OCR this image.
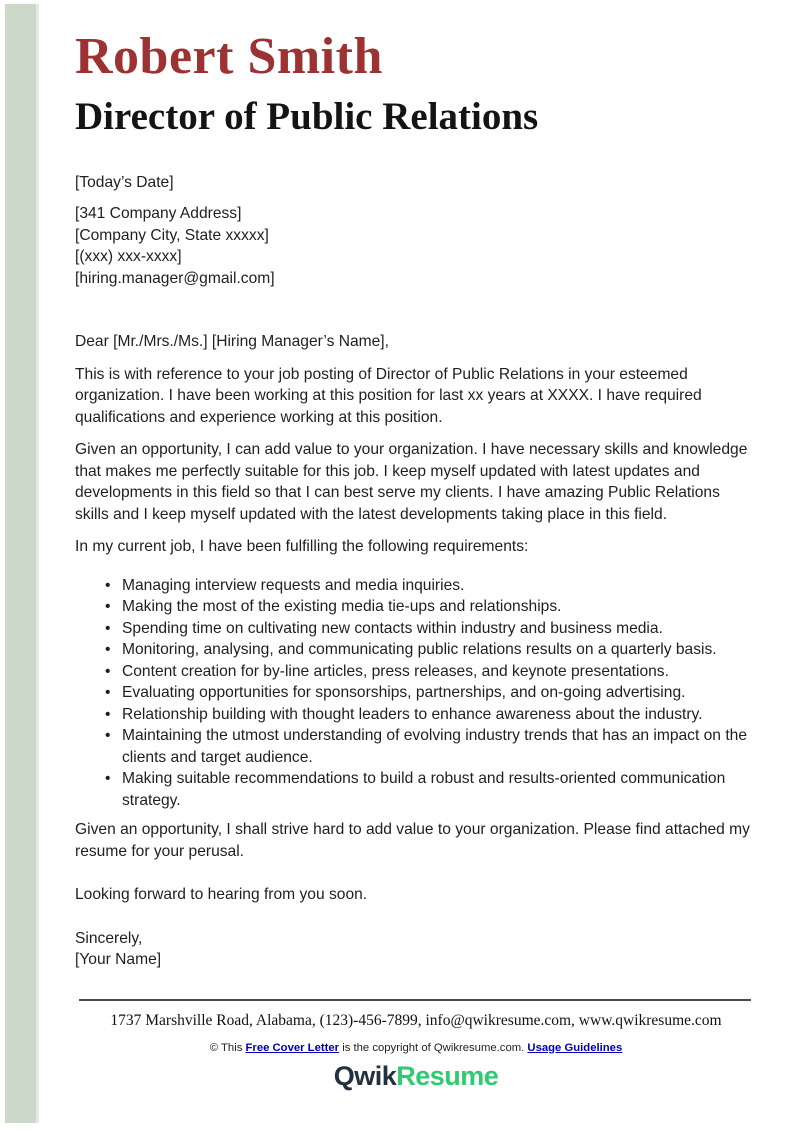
Robert Smith
Director of Public Relations

[Today’s Date]

[341 Company Address]

[Company City, State xxxxx]

[(xxx) xxx-xxxx]

[hiring.manager@gmail.com]

Dear [Mr./Mrs./Ms.] [Hiring Manager’s Name],

This is with reference to your job posting of Director of Public Relations in your esteemed organization. I have been working at this position for last xx years at XXXX. I have required qualifications and experience working at this position.

Given an opportunity, I can add value to your organization. I have necessary skills and knowledge that makes me perfectly suitable for this job. I keep myself updated with latest updates and developments in this field so that I can best serve my clients. I have amazing Public Relations skills and I keep myself updated with the latest developments taking place in this field.

In my current job, I have been fulfilling the following requirements:

• Managing interview requests and media inquiries.
• Making the most of the existing media tie-ups and relationships.
• Spending time on cultivating new contacts within industry and business media.
• Monitoring, analysing, and communicating public relations results on a quarterly basis.
• Content creation for by-line articles, press releases, and keynote presentations.
• Evaluating opportunities for sponsorships, partnerships, and on-going advertising.
• Relationship building with thought leaders to enhance awareness about the industry.
• Maintaining the utmost understanding of evolving industry trends that has an impact on the clients and target audience.
• Making suitable recommendations to build a robust and results-oriented communication strategy.

Given an opportunity, I shall strive hard to add value to your organization. Please find attached my resume for your perusal.

Looking forward to hearing from you soon.

Sincerely,

[Your Name]

1737 Marshville Road, Alabama, (123)-456-7899, info@qwikresume.com, www.qwikresume.com
© This Free Cover Letter is the copyright of Qwikresume.com. Usage Guidelines
QwikResume
